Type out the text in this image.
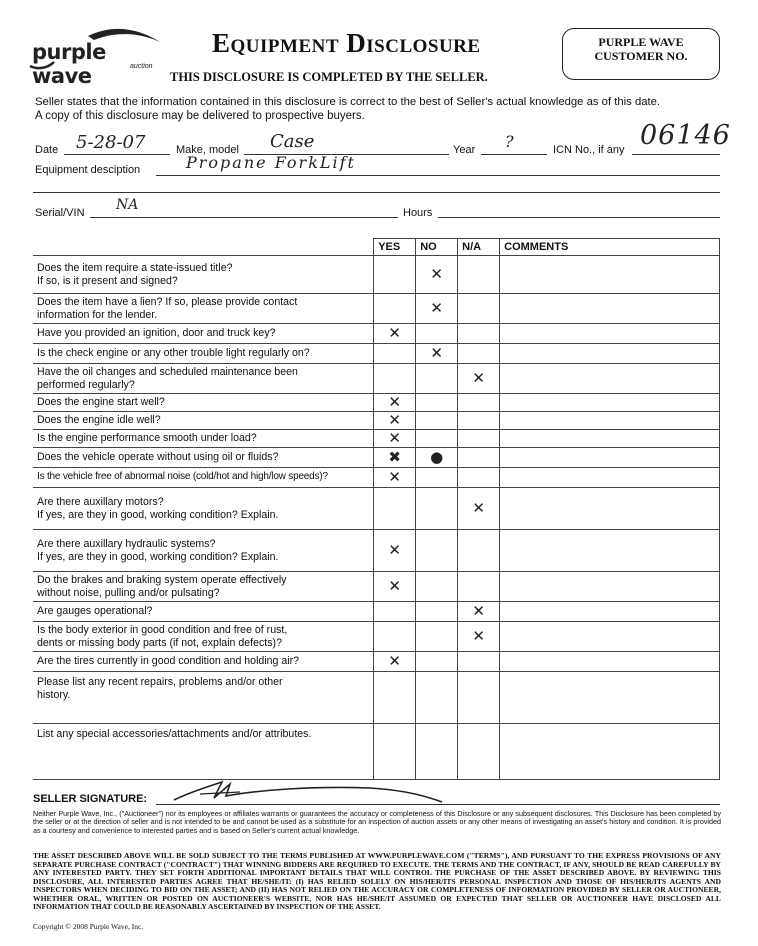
purple wave	auction
Equipment Disclosure
THIS DISCLOSURE IS COMPLETED BY THE SELLER.
PURPLE WAVE
CUSTOMER NO.
Seller states that the information contained in this disclosure is correct to the best of Seller's actual knowledge as of this date.
A copy of this disclosure may be delivered to prospective buyers.
Date 5-28-07	Make, model Case	Year ?	ICN No., if any 06146
Equipment desciption	Propane ForkLift
Serial/VIN NA	Hours
	YES	NO	N/A	COMMENTS

Does the item require a state-issued title?
If so, is it present and signed?		✕		

Does the item have a lien? If so, please provide contact
information for the lender.		✕		

Have you provided an ignition, door and truck key?	✕			

Is the check engine or any other trouble light regularly on?		✕		

Have the oil changes and scheduled maintenance been
performed regularly?			✕	

Does the engine start well?	✕			

Does the engine idle well?	✕			

Is the engine performance smooth under load?	✕			

Does the vehicle operate without using oil or fluids?	✖	●		

Is the vehicle free of abnormal noise (cold/hot and high/low speeds)?	✕			

Are there auxillary motors?
If yes, are they in good, working condition? Explain.			✕	

Are there auxillary hydraulic systems?
If yes, are they in good, working condition? Explain.	✕			

Do the brakes and braking system operate effectively
without noise, pulling and/or pulsating?	✕			

Are gauges operational?			✕	

Is the body exterior in good condition and free of rust,
dents or missing body parts (if not, explain defects)?			✕	

Are the tires currently in good condition and holding air?	✕			

Please list any recent repairs, problems and/or other
history.				

List any special accessories/attachments and/or attributes.				

SELLER SIGNATURE:
Neither Purple Wave, Inc., ("Auctioneer") nor its employees or affiliates warrants or guarantees the accuracy or completeness of this Disclosure or any subsequent disclosures. This Disclosure has been completed by the seller or at the direction of seller and is not intended to be and cannot be used as a substitute for an inspection of auction assets or any other means of investigating an asset's history and condition. It is provided as a courtesy and convenience to interested parties and is based on Seller's current actual knowledge.
THE ASSET DESCRIBED ABOVE WILL BE SOLD SUBJECT TO THE TERMS PUBLISHED AT WWW.PURPLEWAVE.COM ("TERMS"), AND PURSUANT TO THE EXPRESS PROVISIONS OF ANY SEPARATE PURCHASE CONTRACT ("CONTRACT") THAT WINNING BIDDERS ARE REQUIRED TO EXECUTE. THE TERMS AND THE CONTRACT, IF ANY, SHOULD BE READ CAREFULLY BY ANY INTERESTED PARTY. THEY SET FORTH ADDITIONAL IMPORTANT DETAILS THAT WILL CONTROL THE PURCHASE OF THE ASSET DESCRIBED ABOVE. BY REVIEWING THIS DISCLOSURE, ALL INTERESTED PARTIES AGREE THAT HE/SHE/IT: (I) HAS RELIED SOLELY ON HIS/HER/ITS PERSONAL INSPECTION AND THOSE OF HIS/HER/ITS AGENTS AND INSPECTORS WHEN DECIDING TO BID ON THE ASSET; AND (II) HAS NOT RELIED ON THE ACCURACY OR COMPLETENESS OF INFORMATION PROVIDED BY SELLER OR AUCTIONEER, WHETHER ORAL, WRITTEN OR POSTED ON AUCTIONEER'S WEBSITE, NOR HAS HE/SHE/IT ASSUMED OR EXPECTED THAT SELLER OR AUCTIONEER HAVE DISCLOSED ALL INFORMATION THAT COULD BE REASONABLY ASCERTAINED BY INSPECTION OF THE ASSET.
Copyright © 2008 Purple Wave, Inc.
